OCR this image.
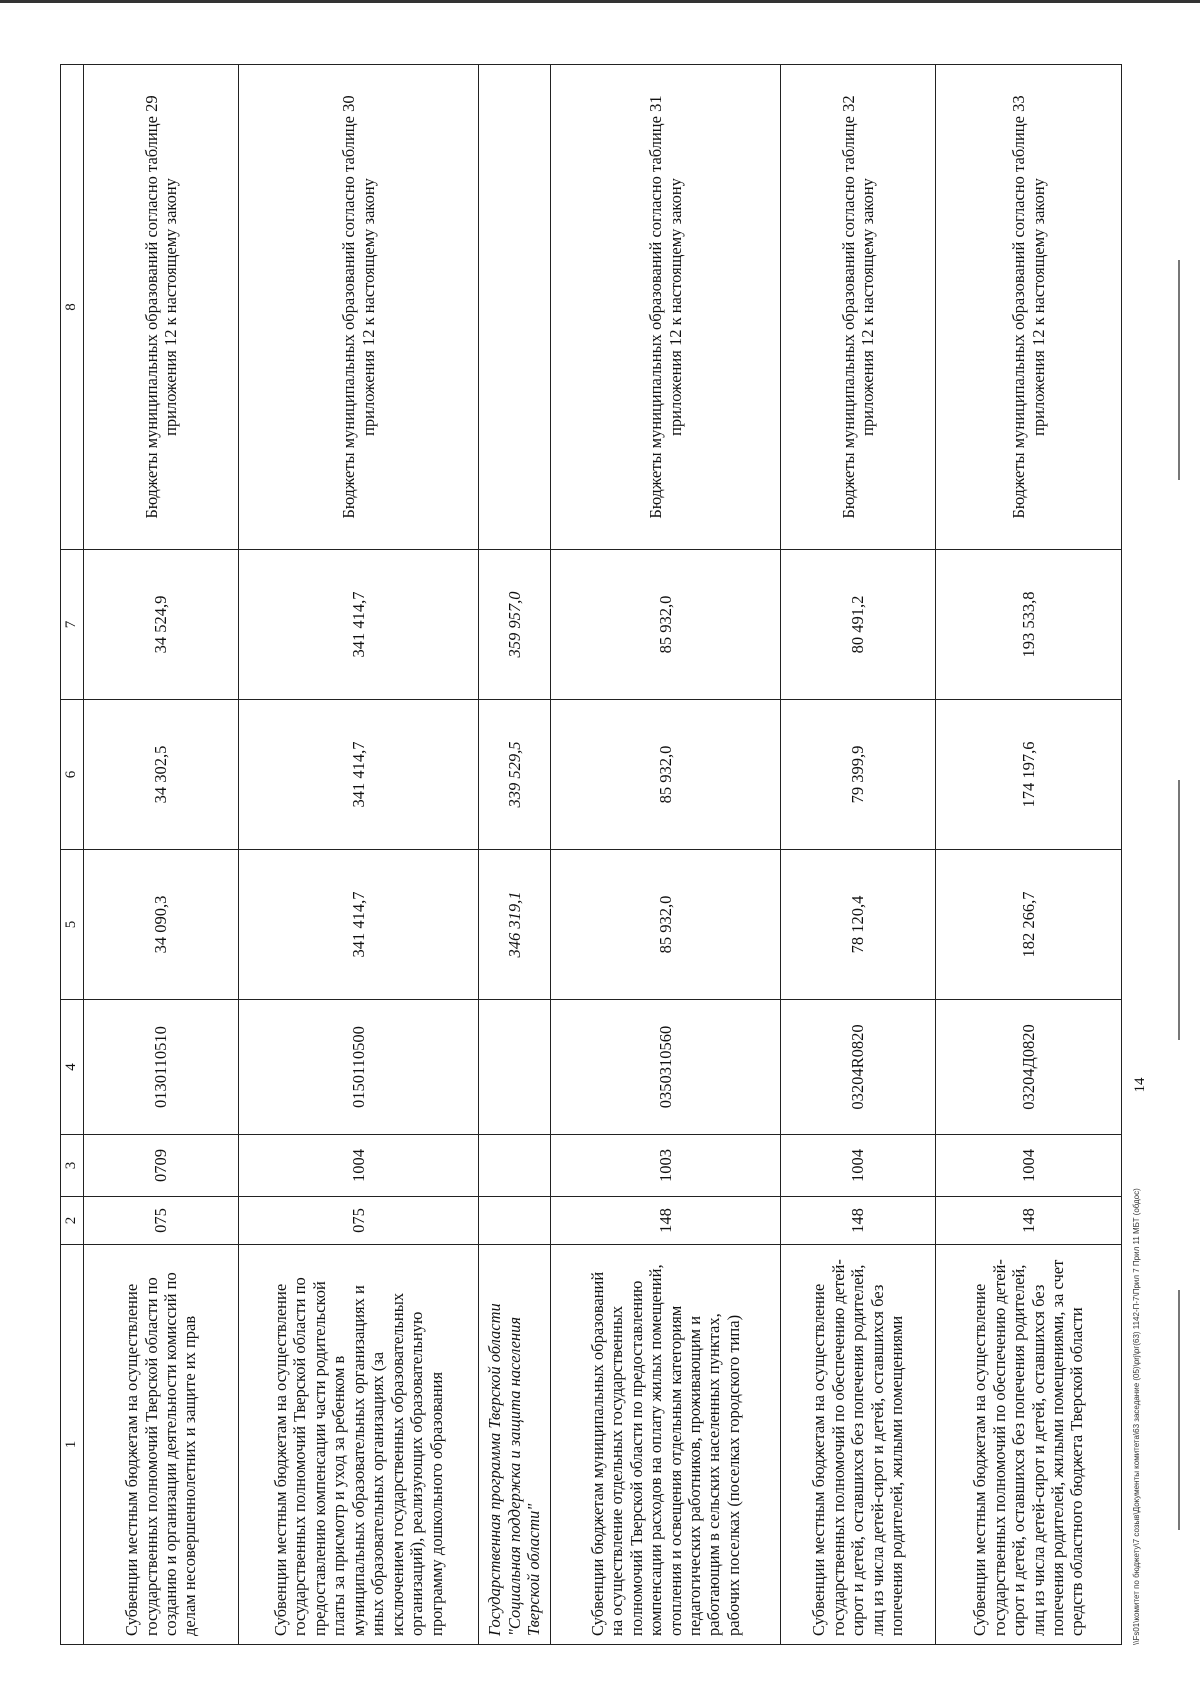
1	2	3	4	5	6	7	8
Субвенции местным бюджетам на осуществление государственных полномочий Тверской области по созданию и организации деятельности комиссий по делам несовершеннолетних и защите их прав	075	0709	0130110510	34 090,3	34 302,5	34 524,9	Бюджеты муниципальных образований согласно таблице 29 приложения 12 к настоящему закону
Субвенции местным бюджетам на осуществление государственных полномочий Тверской области по предоставлению компенсации части родительской платы за присмотр и уход за ребенком в муниципальных образовательных организациях и иных образовательных организациях (за исключением государственных образовательных организаций), реализующих образовательную программу дошкольного образования	075	1004	0150110500	341 414,7	341 414,7	341 414,7	Бюджеты муниципальных образований согласно таблице 30 приложения 12 к настоящему закону
Государственная программа Тверской области "Социальная поддержка и защита населения Тверской области"				346 319,1	339 529,5	359 957,0	
Субвенции бюджетам муниципальных образований на осуществление отдельных государственных полномочий Тверской области по предоставлению компенсации расходов на оплату жилых помещений, отопления и освещения отдельным категориям педагогических работников, проживающим и работающим в сельских населенных пунктах, рабочих поселках (поселках городского типа)	148	1003	0350310560	85 932,0	85 932,0	85 932,0	Бюджеты муниципальных образований согласно таблице 31 приложения 12 к настоящему закону
Субвенции местным бюджетам на осуществление государственных полномочий по обеспечению детей-сирот и детей, оставшихся без попечения родителей, лиц из числа детей-сирот и детей, оставшихся без попечения родителей, жилыми помещениями	148	1004	03204R0820	78 120,4	79 399,9	80 491,2	Бюджеты муниципальных образований согласно таблице 32 приложения 12 к настоящему закону
Субвенции местным бюджетам на осуществление государственных полномочий по обеспечению детей-сирот и детей, оставшихся без попечения родителей, лиц из числа детей-сирот и детей, оставшихся без попечения родителей, жилыми помещениями, за счет средств областного бюджета Тверской области	148	1004	03204Д0820	182 266,7	174 197,6	193 533,8	Бюджеты муниципальных образований согласно таблице 33 приложения 12 к настоящему закону
14
\\Fs01\комитет по бюджету\7 созыв\Документы комитета\63 заседание (05)\prj\рг(63) 1142-П-7\Прил 7 Прил 11 МБТ (обдос)
